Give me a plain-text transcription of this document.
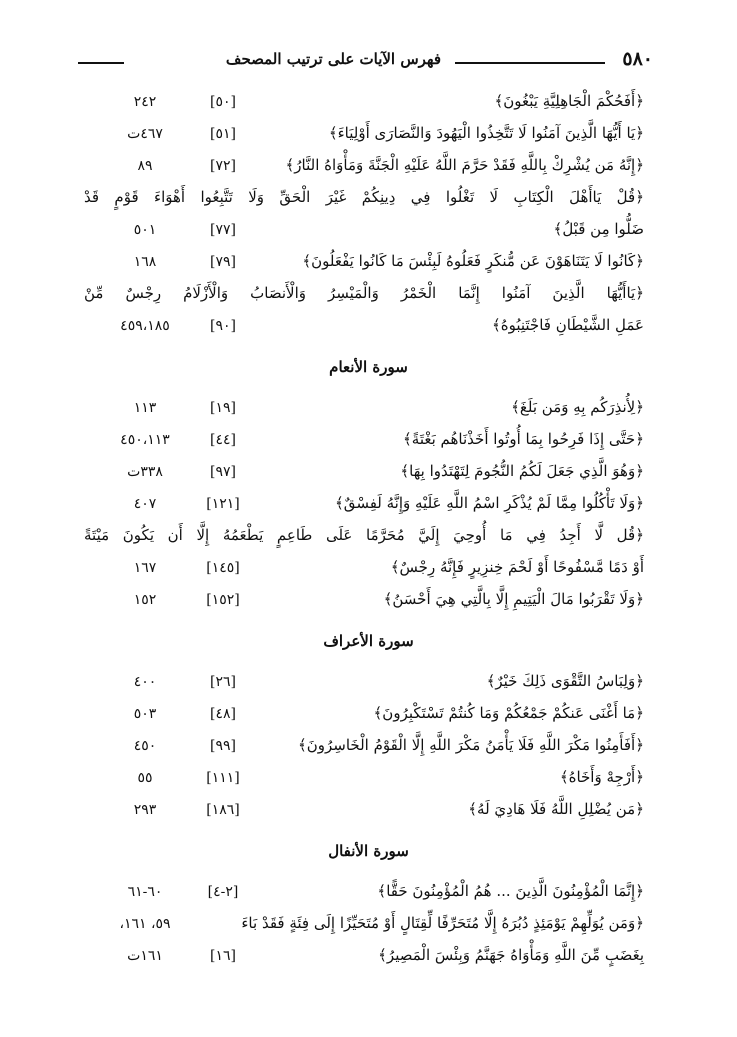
٥٨٠
فهرس الآيات على ترتيب المصحف
﴿أَفَحُكْمَ الْجَاهِلِيَّةِ يَبْغُونَ﴾
[٥٠]
٢٤٢
﴿يَا أَيُّهَا الَّذِينَ آمَنُوا لَا تَتَّخِذُوا الْيَهُودَ وَالنَّصَارَى أَوْلِيَاءَ﴾
[٥١]
٤٦٧ت
﴿إِنَّهُ مَن يُشْرِكْ بِاللَّهِ فَقَدْ حَرَّمَ اللَّهُ عَلَيْهِ الْجَنَّةَ وَمَأْوَاهُ النَّارُ﴾
[٧٢]
٨٩
﴿قُلْ يَاأَهْلَ الْكِتَابِ لَا تَغْلُوا فِي دِينِكُمْ غَيْرَ الْحَقِّ وَلَا تَتَّبِعُوا أَهْوَاءَ قَوْمٍ قَدْ
ضَلُّوا مِن قَبْلُ﴾
[٧٧]
٥٠١
﴿كَانُوا لَا يَتَنَاهَوْنَ عَن مُّنكَرٍ فَعَلُوهُ لَبِئْسَ مَا كَانُوا يَفْعَلُونَ﴾
[٧٩]
١٦٨
﴿يَاأَيُّهَا الَّذِينَ آمَنُوا إِنَّمَا الْخَمْرُ وَالْمَيْسِرُ وَالْأَنصَابُ وَالْأَزْلَامُ رِجْسٌ مِّنْ
عَمَلِ الشَّيْطَانِ فَاجْتَنِبُوهُ﴾
[٩٠]
٤٥٩،١٨٥
سورة الأنعام
﴿لِأُنذِرَكُم بِهِ وَمَن بَلَغَ﴾
[١٩]
١١٣
﴿حَتَّى إِذَا فَرِحُوا بِمَا أُوتُوا أَخَذْنَاهُم بَغْتَةً﴾
[٤٤]
٤٥٠،١١٣
﴿وَهُوَ الَّذِي جَعَلَ لَكُمُ النُّجُومَ لِتَهْتَدُوا بِهَا﴾
[٩٧]
٣٣٨ت
﴿وَلَا تَأْكُلُوا مِمَّا لَمْ يُذْكَرِ اسْمُ اللَّهِ عَلَيْهِ وَإِنَّهُ لَفِسْقٌ﴾
[١٢١]
٤٠٧
﴿قُل لَّا أَجِدُ فِي مَا أُوحِيَ إِلَيَّ مُحَرَّمًا عَلَى طَاعِمٍ يَطْعَمُهُ إِلَّا أَن يَكُونَ مَيْتَةً
أَوْ دَمًا مَّسْفُوحًا أَوْ لَحْمَ خِنزِيرٍ فَإِنَّهُ رِجْسٌ﴾
[١٤٥]
١٦٧
﴿وَلَا تَقْرَبُوا مَالَ الْيَتِيمِ إِلَّا بِالَّتِي هِيَ أَحْسَنُ﴾
[١٥٢]
١٥٢
سورة الأعراف
﴿وَلِبَاسُ التَّقْوَى ذَلِكَ خَيْرٌ﴾
[٢٦]
٤٠٠
﴿مَا أَغْنَى عَنكُمْ جَمْعُكُمْ وَمَا كُنتُمْ تَسْتَكْبِرُونَ﴾
[٤٨]
٥٠٣
﴿أَفَأَمِنُوا مَكْرَ اللَّهِ فَلَا يَأْمَنُ مَكْرَ اللَّهِ إِلَّا الْقَوْمُ الْخَاسِرُونَ﴾
[٩٩]
٤٥٠
﴿أَرْجِهْ وَأَخَاهُ﴾
[١١١]
٥٥
﴿مَن يُضْلِلِ اللَّهُ فَلَا هَادِيَ لَهُ﴾
[١٨٦]
٢٩٣
سورة الأنفال
﴿إِنَّمَا الْمُؤْمِنُونَ الَّذِينَ ... هُمُ الْمُؤْمِنُونَ حَقًّا﴾
[٢-٤]
٦٠-٦١
﴿وَمَن يُوَلِّهِمْ يَوْمَئِذٍ دُبُرَهُ إِلَّا مُتَحَرِّفًا لِّقِتَالٍ أَوْ مُتَحَيِّزًا إِلَى فِئَةٍ فَقَدْ بَاءَ
٥٩، ١٦١،
بِغَضَبٍ مِّنَ اللَّهِ وَمَأْوَاهُ جَهَنَّمُ وَبِئْسَ الْمَصِيرُ﴾
[١٦]
١٦١ت
